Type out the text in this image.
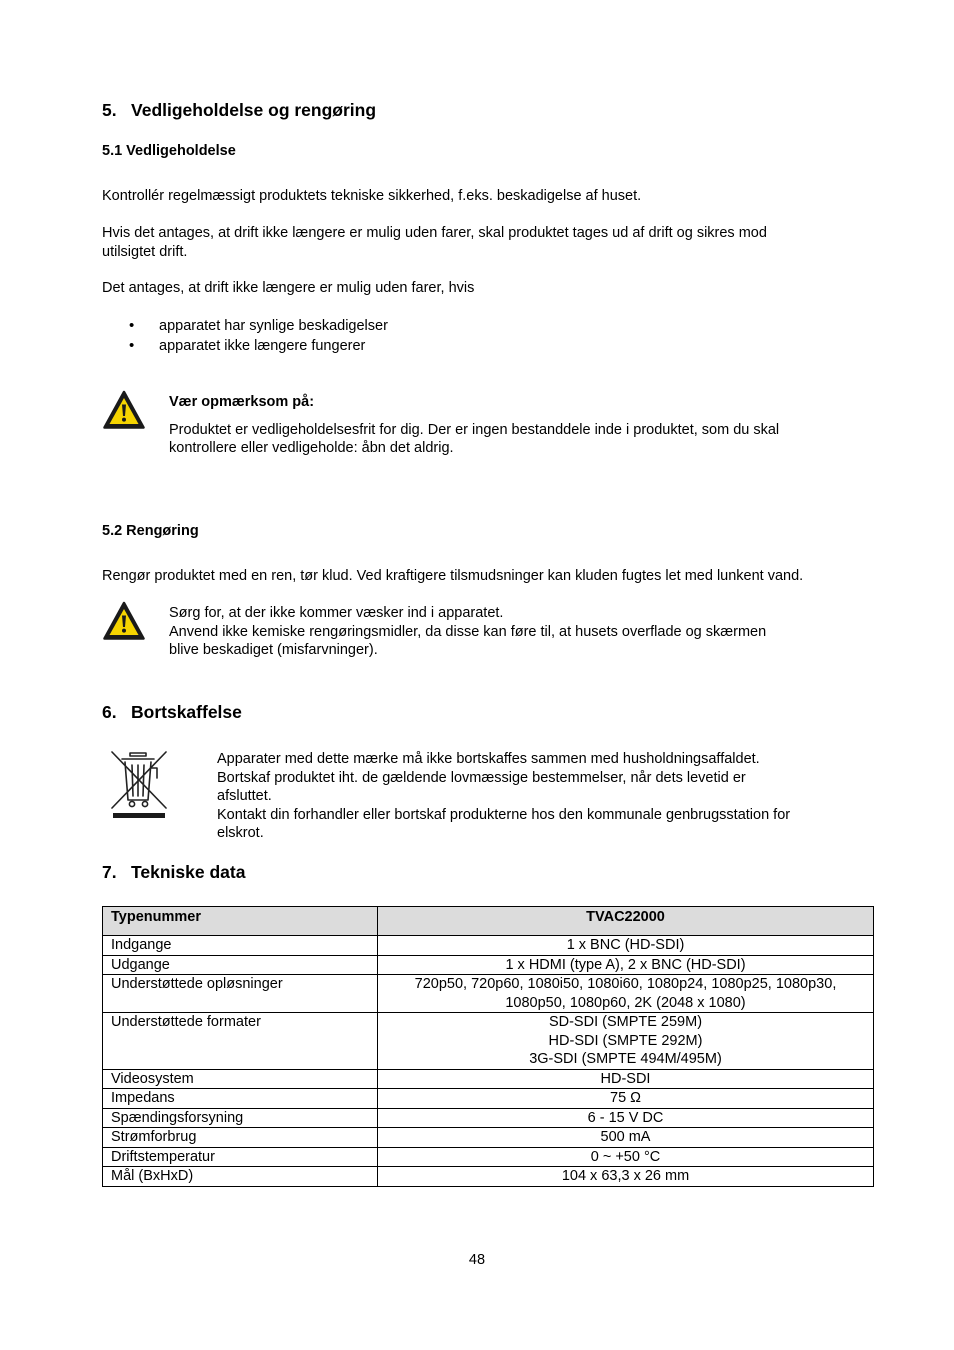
5. Vedligeholdelse og rengøring
5.1 Vedligeholdelse

Kontrollér regelmæssigt produktets tekniske sikkerhed, f.eks. beskadigelse af huset.

Hvis det antages, at drift ikke længere er mulig uden farer, skal produktet tages ud af drift og sikres mod

utilsigtet drift.

Det antages, at drift ikke længere er mulig uden farer, hvis

• apparatet har synlige beskadigelser
• apparatet ikke længere fungerer

Vær opmærksom på:

Produktet er vedligeholdelsesfrit for dig. Der er ingen bestanddele inde i produktet, som du skal

kontrollere eller vedligeholde: åbn det aldrig.

5.2 Rengøring

Rengør produktet med en ren, tør klud. Ved kraftigere tilsmudsninger kan kluden fugtes let med lunkent vand.

Sørg for, at der ikke kommer væsker ind i apparatet.

Anvend ikke kemiske rengøringsmidler, da disse kan føre til, at husets overflade og skærmen

blive beskadiget (misfarvninger).

6. Bortskaffelse

Apparater med dette mærke må ikke bortskaffes sammen med husholdningsaffaldet.

Bortskaf produktet iht. de gældende lovmæssige bestemmelser, når dets levetid er

afsluttet.

Kontakt din forhandler eller bortskaf produkterne hos den kommunale genbrugsstation for

elskrot.

7. Tekniske data
Typenummer	TVAC22000
Indgange	1 x BNC (HD-SDI)

Udgange	1 x HDMI (type A), 2 x BNC (HD-SDI)

Understøttede opløsninger	720p50, 720p60, 1080i50, 1080i60, 1080p24, 1080p25, 1080p30,
1080p50, 1080p60, 2K (2048 x 1080)

Understøttede formater	SD-SDI (SMPTE 259M)
HD-SDI (SMPTE 292M)
3G-SDI (SMPTE 494M/495M)

Videosystem	HD-SDI

Impedans	75 Ω

Spændingsforsyning	6 - 15 V DC

Strømforbrug	500 mA

Driftstemperatur	0 ~ +50 °C

Mål (BxHxD)	104 x 63,3 x 26 mm
48
